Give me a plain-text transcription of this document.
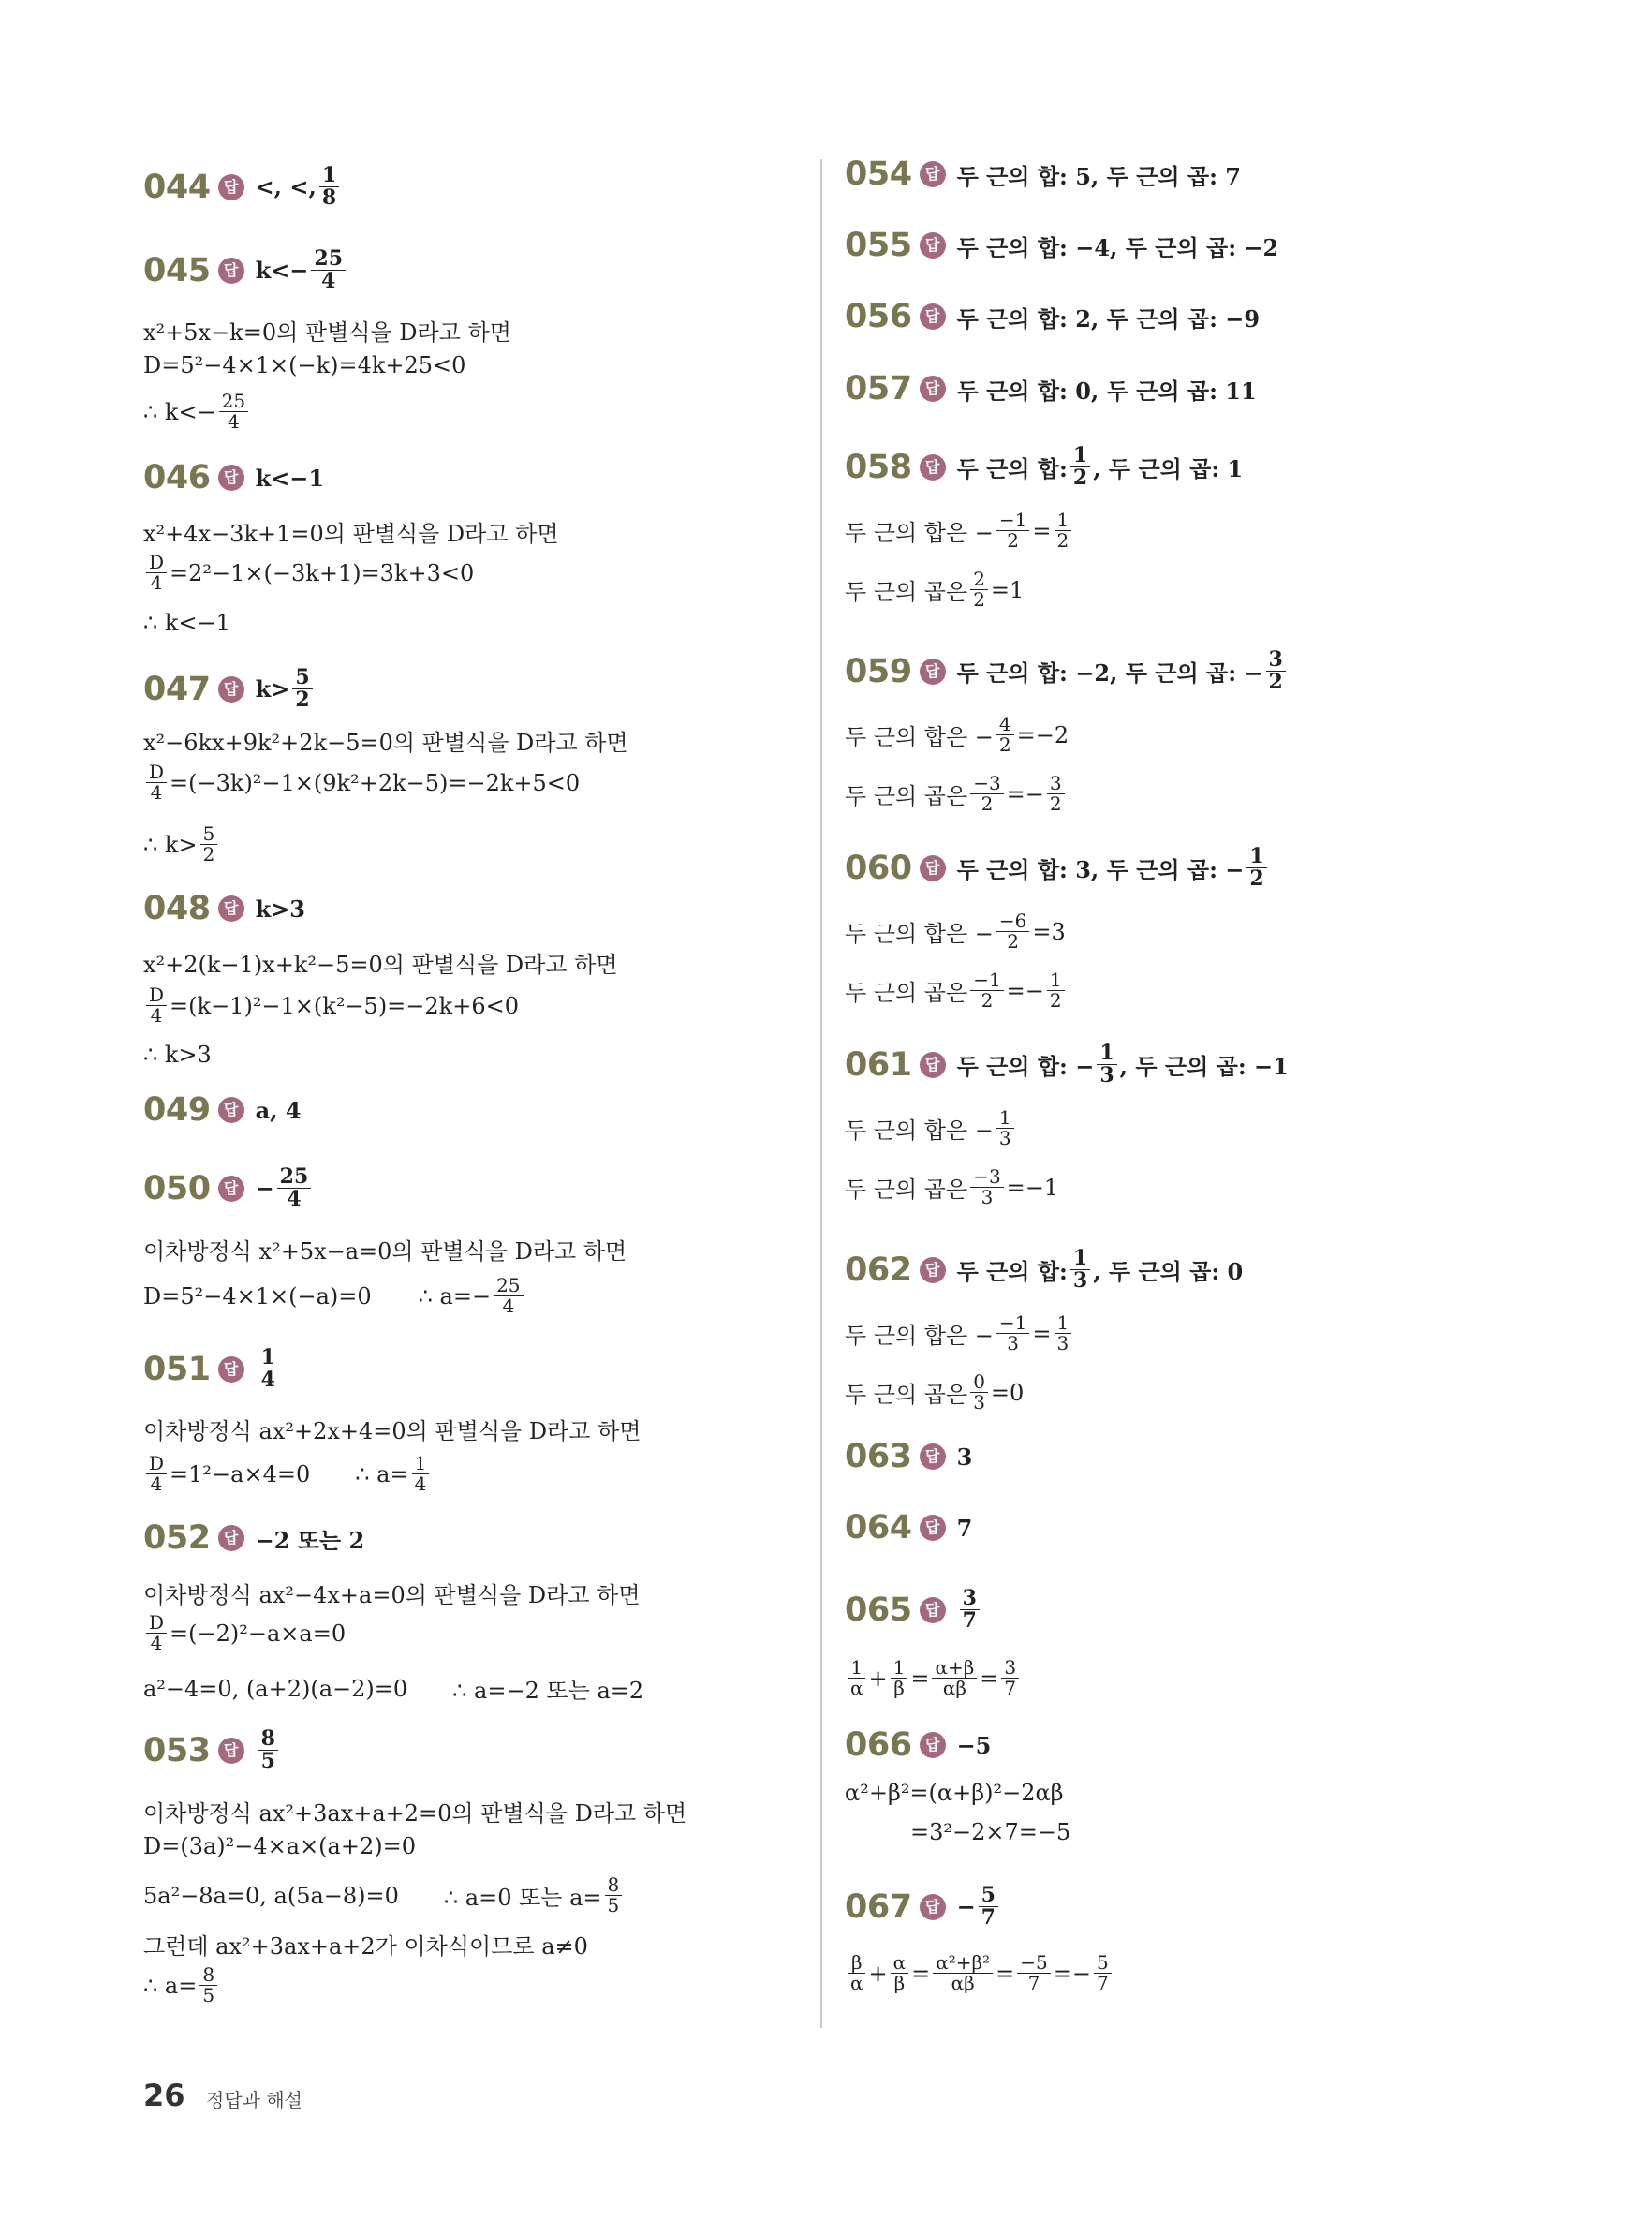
044 답 <, <, $\frac{1}{8}$
045 답 $k<- \frac{25}{4}$
x²+5x−k=0의 판별식을 D라고 하면
D=5²−4×1×(−k)=4k+25<0
∴ $k<- \frac{25}{4}$
046 답 k<−1
x²+4x−3k+1=0의 판별식을 D라고 하면
$\frac{D}{4} =2^2-1\times(-3k+1)=3k+3<0$
∴ k<−1
047 답 $k> \frac{5}{2}$
x²−6kx+9k²+2k−5=0의 판별식을 D라고 하면
$\frac{D}{4} =(-3k)^2-1\times(9k^2+2k-5)=-2k+5<0$
∴ $k> \frac{5}{2}$
048 답 k>3
x²+2(k−1)x+k²−5=0의 판별식을 D라고 하면
$\frac{D}{4} =(k-1)^2-1\times(k^2-5)=-2k+6<0$
∴ k>3
049 답 a, 4
050 답 − $\frac{25}{4}$
이차방정식 x²+5x−a=0의 판별식을 D라고 하면
D=5²−4×1×(−a)=0 ∴ $a=- \frac{25}{4}$
051 답 $\frac{1}{4}$
이차방정식 ax²+2x+4=0의 판별식을 D라고 하면
$\frac{D}{4} =1^2-a\times 4=0$ ∴ $a= \frac{1}{4}$
052 답 −2 또는 2
이차방정식 ax²−4x+a=0의 판별식을 D라고 하면
$\frac{D}{4} =(-2)^2-a\times a=0$
a²−4=0, (a+2)(a−2)=0 ∴ a=−2 또는 a=2
053 답 $\frac{8}{5}$
이차방정식 ax²+3ax+a+2=0의 판별식을 D라고 하면
D=(3a)²−4×a×(a+2)=0
5a²−8a=0, a(5a−8)=0 ∴ a=0 또는 $a= \frac{8}{5}$
그런데 ax²+3ax+a+2가 이차식이므로 a≠0
∴ $a= \frac{8}{5}$
054 답 두 근의 합: 5, 두 근의 곱: 7
055 답 두 근의 합: −4, 두 근의 곱: −2
056 답 두 근의 합: 2, 두 근의 곱: −9
057 답 두 근의 합: 0, 두 근의 곱: 11
058 답 두 근의 합: $\frac{1}{2}$ , 두 근의 곱: 1
두 근의 합은 − $\frac{-1}{2} = \frac{1}{2}$
두 근의 곱은 $\frac{2}{2} =1$
059 답 두 근의 합: −2, 두 근의 곱: − $\frac{3}{2}$
두 근의 합은 − $\frac{4}{2} =-2$
두 근의 곱은 $\frac{-3}{2} =- \frac{3}{2}$
060 답 두 근의 합: 3, 두 근의 곱: − $\frac{1}{2}$
두 근의 합은 − $\frac{-6}{2} =3$
두 근의 곱은 $\frac{-1}{2} =- \frac{1}{2}$
061 답 두 근의 합: − $\frac{1}{3}$ , 두 근의 곱: −1
두 근의 합은 − $\frac{1}{3}$
두 근의 곱은 $\frac{-3}{3} =-1$
062 답 두 근의 합: $\frac{1}{3}$ , 두 근의 곱: 0
두 근의 합은 − $\frac{-1}{3} = \frac{1}{3}$
두 근의 곱은 $\frac{0}{3} =0$
063 답 3
064 답 7
065 답 $\frac{3}{7}$
$\frac{1}{\alpha} + \frac{1}{\beta} = \frac{\alpha+\beta}{\alpha\beta} = \frac{3}{7}$
066 답 −5
α²+β²=(α+β)²−2αβ
=3²−2×7=−5
067 답 − $\frac{5}{7}$
$\frac{\beta}{\alpha} + \frac{\alpha}{\beta} = \frac{\text{α²+β²}}{\alpha\beta} = \frac{-5}{7} =- \frac{5}{7}$
26 정답과 해설
